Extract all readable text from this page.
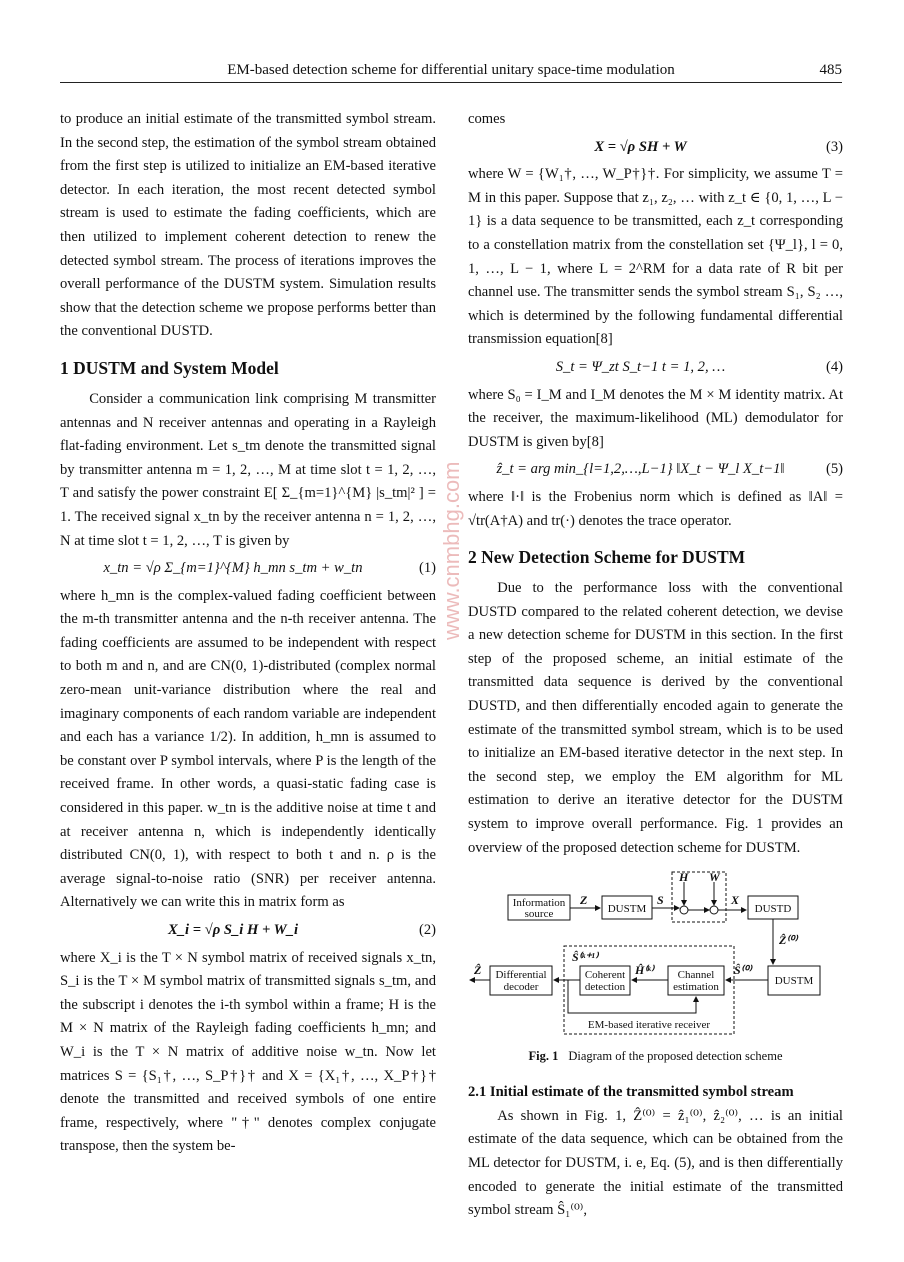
EM-based detection scheme for differential unitary space-time modulation	485

to produce an initial estimate of the transmitted symbol stream. In the second step, the estimation of the symbol stream obtained from the first step is utilized to initialize an EM-based iterative detector. In each iteration, the most recent detected symbol stream is used to estimate the fading coefficients, which are then utilized to implement coherent detection to renew the detected symbol stream. The process of iterations improves the overall performance of the DUSTM system. Simulation results show that the detection scheme we propose performs better than the conventional DUSTD.

1 DUSTM and System Model

Consider a communication link comprising M transmitter antennas and N receiver antennas and operating in a Rayleigh flat-fading environment. Let s_tm denote the transmitted signal by transmitter antenna m = 1, 2, …, M at time slot t = 1, 2, …, T and satisfy the power constraint E[ Σ_{m=1}^{M} |s_tm|² ] = 1. The received signal x_tn by the receiver antenna n = 1, 2, …, N at time slot t = 1, 2, …, T is given by

x_tn = √ρ Σ_{m=1}^{M} h_mn s_tm + w_tn	(1)

where h_mn is the complex-valued fading coefficient between the m-th transmitter antenna and the n-th receiver antenna. The fading coefficients are assumed to be independent with respect to both m and n, and are CN(0, 1)-distributed (complex normal zero-mean unit-variance distribution where the real and imaginary components of each random variable are independent and each has a variance 1/2). In addition, h_mn is assumed to be constant over P symbol intervals, where P is the length of the received frame. In other words, a quasi-static fading case is considered in this paper. w_tn is the additive noise at time t and at receiver antenna n, which is independently identically distributed CN(0, 1), with respect to both t and n. ρ is the average signal-to-noise ratio (SNR) per receiver antenna. Alternatively we can write this in matrix form as

X_i = √ρ S_i H + W_i	(2)

where X_i is the T × N symbol matrix of received signals x_tn, S_i is the T × M symbol matrix of transmitted signals s_tm, and the subscript i denotes the i-th symbol within a frame; H is the M × N matrix of the Rayleigh fading coefficients h_mn; and W_i is the T × N matrix of additive noise w_tn. Now let matrices S = {S₁†, …, S_P†}† and X = {X₁†, …, X_P†}† denote the transmitted and received symbols of one entire frame, respectively, where "†" denotes complex conjugate transpose, then the system be-

comes

X = √ρ SH + W	(3)

where W = {W₁†, …, W_P†}†. For simplicity, we assume T = M in this paper. Suppose that z₁, z₂, … with z_t ∈ {0, 1, …, L − 1} is a data sequence to be transmitted, each z_t corresponding to a constellation matrix from the constellation set {Ψ_l}, l = 0, 1, …, L − 1, where L = 2^RM for a data rate of R bit per channel use. The transmitter sends the symbol stream S₁, S₂ …, which is determined by the following fundamental differential transmission equation[8]

S_t = Ψ_zt S_t−1 t = 1, 2, …	(4)

where S₀ = I_M and I_M denotes the M × M identity matrix. At the receiver, the maximum-likelihood (ML) demodulator for DUSTM is given by[8]

ẑ_t = arg min_{l=1,2,…,L−1} ‖X_t − Ψ_l X_t−1‖	(5)

where ‖·‖ is the Frobenius norm which is defined as ‖A‖ = √tr(A†A) and tr(·) denotes the trace operator.

2 New Detection Scheme for DUSTM

Due to the performance loss with the conventional DUSTD compared to the related coherent detection, we devise a new detection scheme for DUSTM in this section. In the first step of the proposed scheme, an initial estimate of the transmitted data sequence is derived by the conventional DUSTD, and then differentially encoded again to generate the estimate of the transmitted symbol stream, which is to be used to initialize an EM-based iterative detector in the next step. In the second step, we employ the EM algorithm for ML estimation to derive an iterative detector for the DUSTM system to improve overall performance. Fig. 1 provides an overview of the proposed detection scheme for DUSTM.

Information
source	DUSTM	DUSTD
Differential
decoder
Coherent
detection
Channel
estimation	DUSTM
EM-based iterative receiver
Z	S
H W
X
Ẑ⁽⁰⁾
Ŝ⁽⁰⁾
Ŝ⁽ᵏ⁺¹⁾
Ĥ⁽ᵏ⁾
Ẑ
Fig. 1 Diagram of the proposed detection scheme
2.1 Initial estimate of the transmitted symbol stream

As shown in Fig. 1, Ẑ⁽⁰⁾ = ẑ₁⁽⁰⁾, ẑ₂⁽⁰⁾, … is an initial estimate of the data sequence, which can be obtained from the ML detector for DUSTM, i. e, Eq. (5), and is then differentially encoded to generate the initial estimate of the transmitted symbol stream Ŝ₁⁽⁰⁾,

www.cnmbhg.com
